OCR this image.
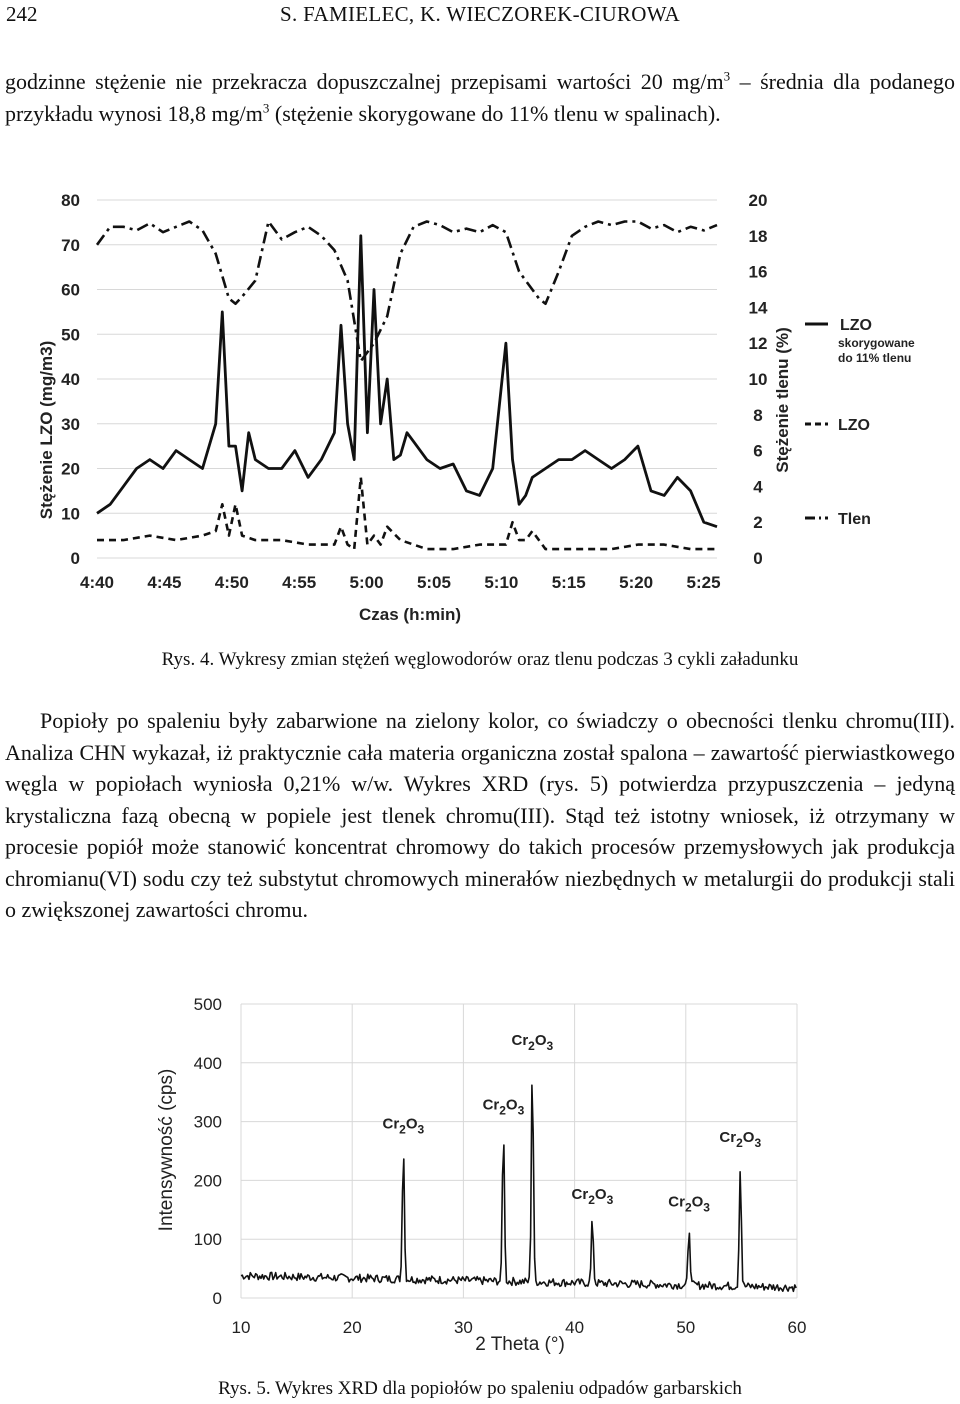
242	S. FAMIELEC, K. WIECZOREK-CIUROWA

godzinne stężenie nie przekracza dopuszczalnej przepisami wartości 20 $mg/m^3$ – średnia dla podanego przykładu wynosi 18,8 $mg/m^3$ (stężenie skorygowane do 11% tlenu w spalinach).

0
10
20
30
40
50
60
70
80
0
2
4
6
8
10
12
14
16
18
20
4:40 4:45 4:50 4:55 5:00 5:05 5:10 5:15 5:20 5:25
Stężenie LZO (mg/m3)	Stężenie tlenu (%)
Czas (h:min)
LZO
skorygowane
do 11% tlenu
LZO
Tlen
Rys. 4. Wykresy zmian stężeń węglowodorów oraz tlenu podczas 3 cykli załadunku

Popioły po spaleniu były zabarwione na zielony kolor, co świadczy o obecności tlenku chromu(III). Analiza CHN wykazał, iż praktycznie cała materia organiczna został spalona – zawartość pierwiastkowego węgla w popiołach wyniosła 0,21% w/w. Wykres XRD (rys. 5) potwierdza przypuszczenia – jedyną krystaliczna fazą obecną w popiele jest tlenek chromu(III). Stąd też istotny wniosek, iż otrzymany w procesie popiół może stanowić koncentrat chromowy do takich procesów przemysłowych jak produkcja chromianu(VI) sodu czy też substytut chromowych minerałów niezbędnych w metalurgii do produkcji stali o zwiększonej zawartości chromu.

0
100
200
300
400
500
10	20	30	40	50	60
$Cr_2O_3$
$Cr_2O_3$
$Cr_2O_3$
$Cr_2O_3$	$Cr_2O_3$
$Cr_2O_3$
Intensywność (cps)
2 Theta (°)
Rys. 5. Wykres XRD dla popiołów po spaleniu odpadów garbarskich
